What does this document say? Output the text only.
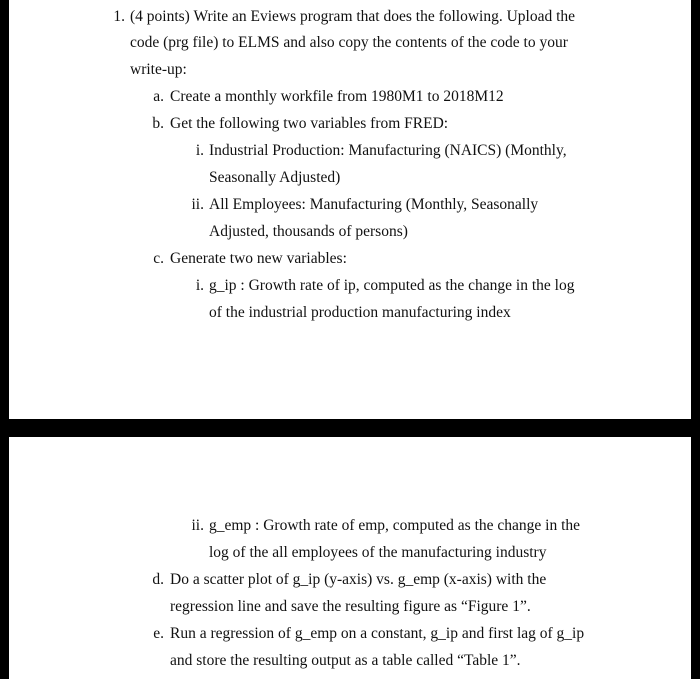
1. (4 points) Write an Eviews program that does the following. Upload the
code (prg file) to ELMS and also copy the contents of the code to your
write-up:
a. Create a monthly workfile from 1980M1 to 2018M12
b. Get the following two variables from FRED:
i. Industrial Production: Manufacturing (NAICS) (Monthly,
Seasonally Adjusted)
ii. All Employees: Manufacturing (Monthly, Seasonally
Adjusted, thousands of persons)
c. Generate two new variables:
i. g_ip : Growth rate of ip, computed as the change in the log
of the industrial production manufacturing index
ii. g_emp : Growth rate of emp, computed as the change in the
log of the all employees of the manufacturing industry
d. Do a scatter plot of g_ip (y-axis) vs. g_emp (x-axis) with the
regression line and save the resulting figure as “Figure 1”.
e. Run a regression of g_emp on a constant, g_ip and first lag of g_ip
and store the resulting output as a table called “Table 1”.
